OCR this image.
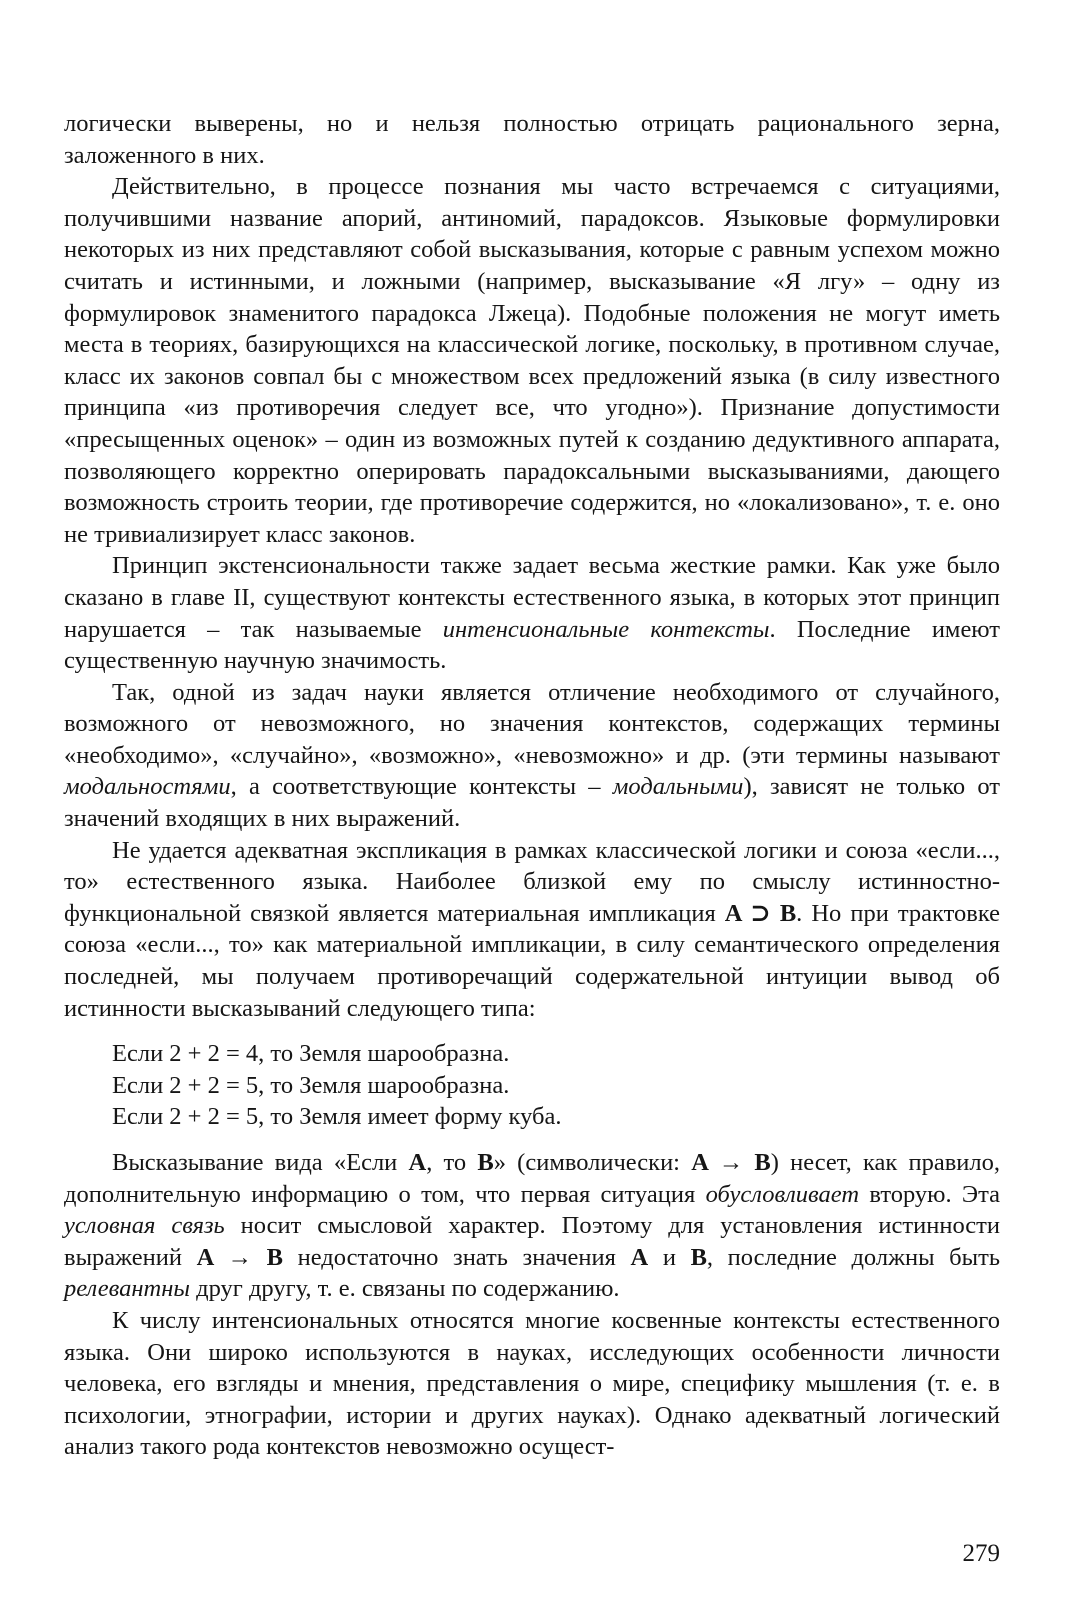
логически выверены, но и нельзя полностью отрицать рационального зерна, заложенного в них.

Действительно, в процессе познания мы часто встречаемся с ситуациями, получившими название апорий, антиномий, парадоксов. Языковые формулировки некоторых из них представляют собой высказывания, которые с равным успехом можно считать и истинными, и ложными (например, высказывание «Я лгу» – одну из формулировок знаменитого парадокса Лжеца). Подобные положения не могут иметь места в теориях, базирующихся на классической логике, поскольку, в противном случае, класс их законов совпал бы с множеством всех предложений языка (в силу известного принципа «из противоречия следует все, что угодно»). Признание допустимости «пресыщенных оценок» – один из возможных путей к созданию дедуктивного аппарата, позволяющего корректно оперировать парадоксальными высказываниями, дающего возможность строить теории, где противоречие содержится, но «локализовано», т. е. оно не тривиализирует класс законов.

Принцип экстенсиональности также задает весьма жесткие рамки. Как уже было сказано в главе II, существуют контексты естественного языка, в которых этот принцип нарушается – так называемые интенсиональные контексты. Последние имеют существенную научную значимость.

Так, одной из задач науки является отличение необходимого от случайного, возможного от невозможного, но значения контекстов, содержащих термины «необходимо», «случайно», «возможно», «невозможно» и др. (эти термины называют модальностями, а соответствующие контексты – модальными), зависят не только от значений входящих в них выражений.

Не удается адекватная экспликация в рамках классической логики и союза «если..., то» естественного языка. Наиболее близкой ему по смыслу истинностно-функциональной связкой является материальная импликация A ⊃ B. Но при трактовке союза «если..., то» как материальной импликации, в силу семантического определения последней, мы получаем противоречащий содержательной интуиции вывод об истинности высказываний следующего типа:

Если 2 + 2 = 4, то Земля шарообразна.
Если 2 + 2 = 5, то Земля шарообразна.
Если 2 + 2 = 5, то Земля имеет форму куба.

Высказывание вида «Если A, то B» (символически: A → B) несет, как правило, дополнительную информацию о том, что первая ситуация обусловливает вторую. Эта условная связь носит смысловой характер. Поэтому для установления истинности выражений A → B недостаточно знать значения A и B, последние должны быть релевантны друг другу, т. е. связаны по содержанию.

К числу интенсиональных относятся многие косвенные контексты естественного языка. Они широко используются в науках, исследующих особенности личности человека, его взгляды и мнения, представления о мире, специфику мышления (т. е. в психологии, этнографии, истории и других науках). Однако адекватный логический анализ такого рода контекстов невозможно осущест-

279
